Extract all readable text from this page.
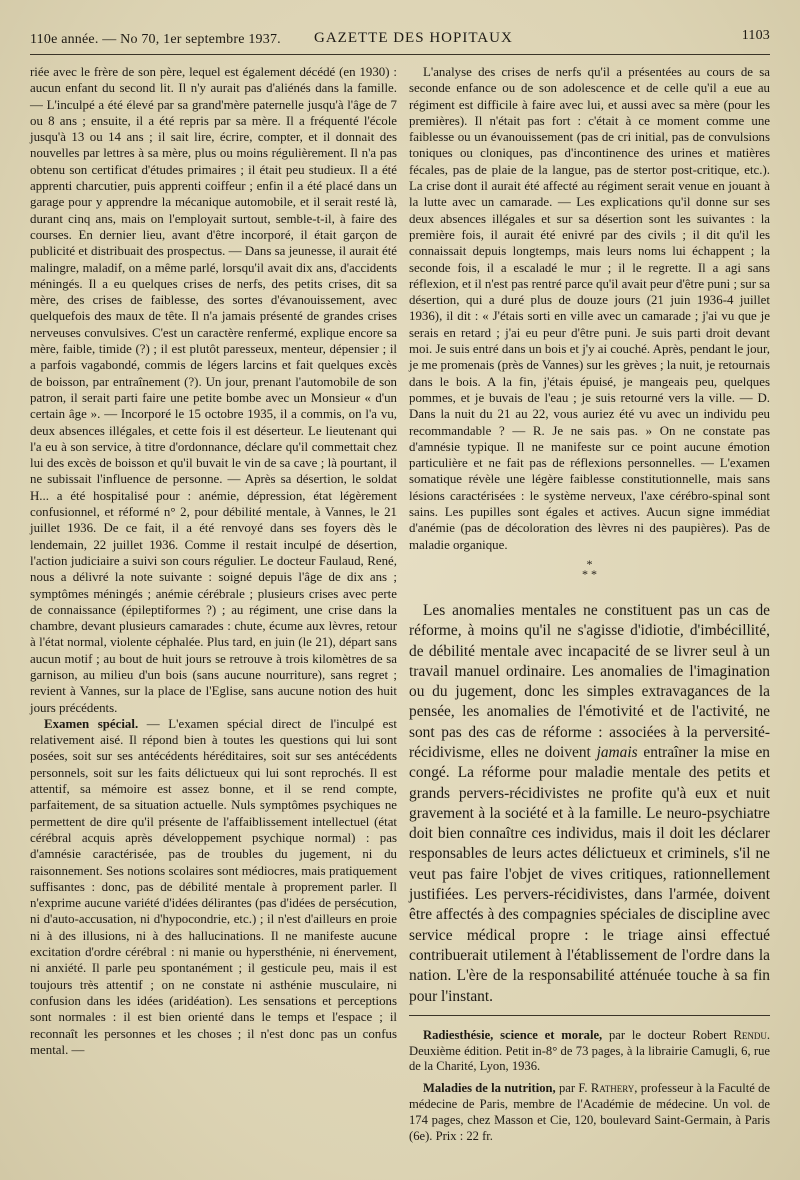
110e année. — No 70, 1er septembre 1937. GAZETTE DES HOPITAUX	1103

riée avec le frère de son père, lequel est également décédé (en 1930) : aucun enfant du second lit. Il n'y aurait pas d'aliénés dans la famille. — L'inculpé a été élevé par sa grand'mère paternelle jusqu'à l'âge de 7 ou 8 ans ; ensuite, il a été repris par sa mère. Il a fréquenté l'école jusqu'à 13 ou 14 ans ; il sait lire, écrire, compter, et il donnait des nouvelles par lettres à sa mère, plus ou moins régulièrement. Il n'a pas obtenu son certificat d'études primaires ; il était peu studieux. Il a été apprenti charcutier, puis apprenti coiffeur ; enfin il a été placé dans un garage pour y apprendre la mécanique automobile, et il serait resté là, durant cinq ans, mais on l'employait surtout, semble-t-il, à faire des courses. En dernier lieu, avant d'être incorporé, il était garçon de publicité et distribuait des prospectus. — Dans sa jeunesse, il aurait été malingre, maladif, on a même parlé, lorsqu'il avait dix ans, d'accidents méningés. Il a eu quelques crises de nerfs, des petits crises, dit sa mère, des crises de faiblesse, des sortes d'évanouissement, avec quelquefois des maux de tête. Il n'a jamais présenté de grandes crises nerveuses convulsives. C'est un caractère renfermé, explique encore sa mère, faible, timide (?) ; il est plutôt paresseux, menteur, dépensier ; il a parfois vagabondé, commis de légers larcins et fait quelques excès de boisson, par entraînement (?). Un jour, prenant l'automobile de son patron, il serait parti faire une petite bombe avec un Monsieur « d'un certain âge ». — Incorporé le 15 octobre 1935, il a commis, on l'a vu, deux absences illégales, et cette fois il est déserteur. Le lieutenant qui l'a eu à son service, à titre d'ordonnance, déclare qu'il commettait chez lui des excès de boisson et qu'il buvait le vin de sa cave ; là pourtant, il ne subissait l'influence de personne. — Après sa désertion, le soldat H... a été hospitalisé pour : anémie, dépression, état légèrement confusionnel, et réformé n° 2, pour débilité mentale, à Vannes, le 21 juillet 1936. De ce fait, il a été renvoyé dans ses foyers dès le lendemain, 22 juillet 1936. Comme il restait inculpé de désertion, l'action judiciaire a suivi son cours régulier. Le docteur Faulaud, René, nous a délivré la note suivante : soigné depuis l'âge de dix ans ; symptômes méningés ; anémie cérébrale ; plusieurs crises avec perte de connaissance (épileptiformes ?) ; au régiment, une crise dans la chambre, devant plusieurs camarades : chute, écume aux lèvres, retour à l'état normal, violente céphalée. Plus tard, en juin (le 21), départ sans aucun motif ; au bout de huit jours se retrouve à trois kilomètres de sa garnison, au milieu d'un bois (sans aucune nourriture), sans regret ; revient à Vannes, sur la place de l'Eglise, sans aucune notion des huit jours précédents.

Examen spécial. — L'examen spécial direct de l'inculpé est relativement aisé. Il répond bien à toutes les questions qui lui sont posées, soit sur ses antécédents héréditaires, soit sur ses antécédents personnels, soit sur les faits délictueux qui lui sont reprochés. Il est attentif, sa mémoire est assez bonne, et il se rend compte, parfaitement, de sa situation actuelle. Nuls symptômes psychiques ne permettent de dire qu'il présente de l'affaiblissement intellectuel (état cérébral acquis après développement psychique normal) : pas d'amnésie caractérisée, pas de troubles du jugement, ni du raisonnement. Ses notions scolaires sont médiocres, mais pratiquement suffisantes : donc, pas de débilité mentale à proprement parler. Il n'exprime aucune variété d'idées délirantes (pas d'idées de persécution, ni d'auto-accusation, ni d'hypocondrie, etc.) ; il n'est d'ailleurs en proie ni à des illusions, ni à des hallucinations. Il ne manifeste aucune excitation d'ordre cérébral : ni manie ou hypersthénie, ni énervement, ni anxiété. Il parle peu spontanément ; il gesticule peu, mais il est toujours très attentif ; on ne constate ni asthénie musculaire, ni confusion dans les idées (aridéation). Les sensations et perceptions sont normales : il est bien orienté dans le temps et l'espace ; il reconnaît les personnes et les choses ; il n'est donc pas un confus mental. —

L'analyse des crises de nerfs qu'il a présentées au cours de sa seconde enfance ou de son adolescence et de celle qu'il a eue au régiment est difficile à faire avec lui, et aussi avec sa mère (pour les premières). Il n'était pas fort : c'était à ce moment comme une faiblesse ou un évanouissement (pas de cri initial, pas de convulsions toniques ou cloniques, pas d'incontinence des urines et matières fécales, pas de plaie de la langue, pas de stertor post-critique, etc.). La crise dont il aurait été affecté au régiment serait venue en jouant à la lutte avec un camarade. — Les explications qu'il donne sur ses deux absences illégales et sur sa désertion sont les suivantes : la première fois, il aurait été enivré par des civils ; il dit qu'il les connaissait depuis longtemps, mais leurs noms lui échappent ; la seconde fois, il a escaladé le mur ; il le regrette. Il a agi sans réflexion, et il n'est pas rentré parce qu'il avait peur d'être puni ; sur sa désertion, qui a duré plus de douze jours (21 juin 1936-4 juillet 1936), il dit : « J'étais sorti en ville avec un camarade ; j'ai vu que je serais en retard ; j'ai eu peur d'être puni. Je suis parti droit devant moi. Je suis entré dans un bois et j'y ai couché. Après, pendant le jour, je me promenais (près de Vannes) sur les grèves ; la nuit, je retournais dans le bois. A la fin, j'étais épuisé, je mangeais peu, quelques pommes, et je buvais de l'eau ; je suis retourné vers la ville. — D. Dans la nuit du 21 au 22, vous auriez été vu avec un individu peu recommandable ? — R. Je ne sais pas. » On ne constate pas d'amnésie typique. Il ne manifeste sur ce point aucune émotion particulière et ne fait pas de réflexions personnelles. — L'examen somatique révèle une légère faiblesse constitutionnelle, mais sans lésions caractérisées : le système nerveux, l'axe cérébro-spinal sont sains. Les pupilles sont égales et actives. Aucun signe immédiat d'anémie (pas de décoloration des lèvres ni des paupières). Pas de maladie organique.

*
* *

Les anomalies mentales ne constituent pas un cas de réforme, à moins qu'il ne s'agisse d'idiotie, d'imbécillité, de débilité mentale avec incapacité de se livrer seul à un travail manuel ordinaire. Les anomalies de l'imagination ou du jugement, donc les simples extravagances de la pensée, les anomalies de l'émotivité et de l'activité, ne sont pas des cas de réforme : associées à la perversité-récidivisme, elles ne doivent jamais entraîner la mise en congé. La réforme pour maladie mentale des petits et grands pervers-récidivistes ne profite qu'à eux et nuit gravement à la société et à la famille. Le neuro-psychiatre doit bien connaître ces individus, mais il doit les déclarer responsables de leurs actes délictueux et criminels, s'il ne veut pas faire l'objet de vives critiques, rationnellement justifiées. Les pervers-récidivistes, dans l'armée, doivent être affectés à des compagnies spéciales de discipline avec service médical propre : le triage ainsi effectué contribuerait utilement à l'établissement de l'ordre dans la nation. L'ère de la responsabilité atténuée touche à sa fin pour l'instant.

Radiesthésie, science et morale, par le docteur Robert Rendu. Deuxième édition. Petit in-8° de 73 pages, à la librairie Camugli, 6, rue de la Charité, Lyon, 1936.

Maladies de la nutrition, par F. Rathery, professeur à la Faculté de médecine de Paris, membre de l'Académie de médecine. Un vol. de 174 pages, chez Masson et Cie, 120, boulevard Saint-Germain, à Paris (6e). Prix : 22 fr.
